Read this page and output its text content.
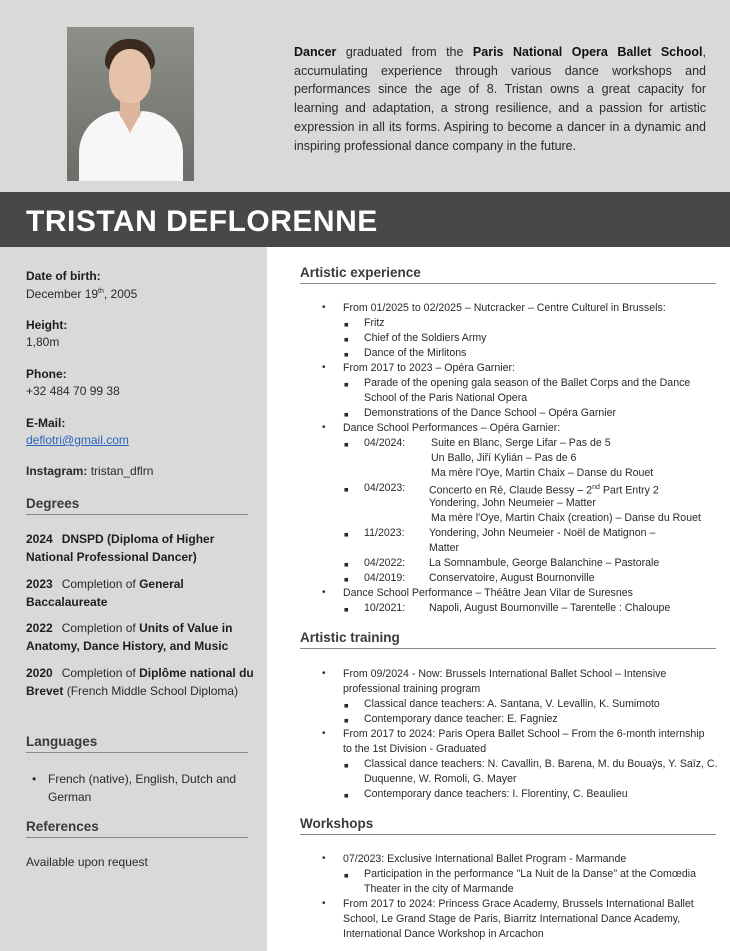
Dancer graduated from the Paris National Opera Ballet School, accumulating experience through various dance workshops and performances since the age of 8. Tristan owns a great capacity for learning and adaptation, a strong resilience, and a passion for artistic expression in all its forms. Aspiring to become a dancer in a dynamic and inspiring professional dance company in the future.
TRISTAN DEFLORENNE
Date of birth:
December 19th, 2005
Height:
1,80m
Phone:
+32 484 70 99 38
E-Mail:
deflotri@gmail.com
Instagram: tristan_dflrn
Degrees
2024 DNSPD (Diploma of Higher National Professional Dancer)
2023 Completion of General Baccalaureate
2022 Completion of Units of Value in Anatomy, Dance History, and Music
2020 Completion of Diplôme national du Brevet (French Middle School Diploma)
Languages
• French (native), English, Dutch and German
References
Available upon request
Artistic experience
• From 01/2025 to 02/2025 – Nutcracker – Centre Culturel in Brussels:
■ Fritz
■ Chief of the Soldiers Army
■ Dance of the Mirlitons
• From 2017 to 2023 – Opéra Garnier:
■ Parade of the opening gala season of the Ballet Corps and the Dance
School of the Paris National Opera
■ Demonstrations of the Dance School – Opéra Garnier
• Dance School Performances – Opéra Garnier:
■ 04/2024: Suite en Blanc, Serge Lifar – Pas de 5
Un Ballo, Jiří Kylián – Pas de 6
Ma mère l'Oye, Martin Chaix – Danse du Rouet
■ 04/2023: Concerto en Ré, Claude Bessy – 2nd Part Entry 2
Yondering, John Neumeier – Matter
Ma mère l'Oye, Martin Chaix (creation) – Danse du Rouet
■ 11/2023: Yondering, John Neumeier - Noël de Matignon –
Matter
■ 04/2022: La Somnambule, George Balanchine – Pastorale
■ 04/2019: Conservatoire, August Bournonville
• Dance School Performance – Théâtre Jean Vilar de Suresnes
■ 10/2021: Napoli, August Bournonville – Tarentelle : Chaloupe
Artistic training
• From 09/2024 - Now: Brussels International Ballet School – Intensive
professional training program
■ Classical dance teachers: A. Santana, V. Levallin, K. Sumimoto
■ Contemporary dance teacher: E. Fagniez
• From 2017 to 2024: Paris Opera Ballet School – From the 6-month internship
to the 1st Division - Graduated
■ Classical dance teachers: N. Cavallin, B. Barena, M. du Bouaÿs, Y. Saïz, C.
Duquenne, W. Romoli, G. Mayer
■ Contemporary dance teachers: I. Florentiny, C. Beaulieu
Workshops
• 07/2023: Exclusive International Ballet Program - Marmande
■ Participation in the performance "La Nuit de la Danse" at the Comœdia
Theater in the city of Marmande
• From 2017 to 2024: Princess Grace Academy, Brussels International Ballet
School, Le Grand Stage de Paris, Biarritz International Dance Academy,
International Dance Workshop in Arcachon
